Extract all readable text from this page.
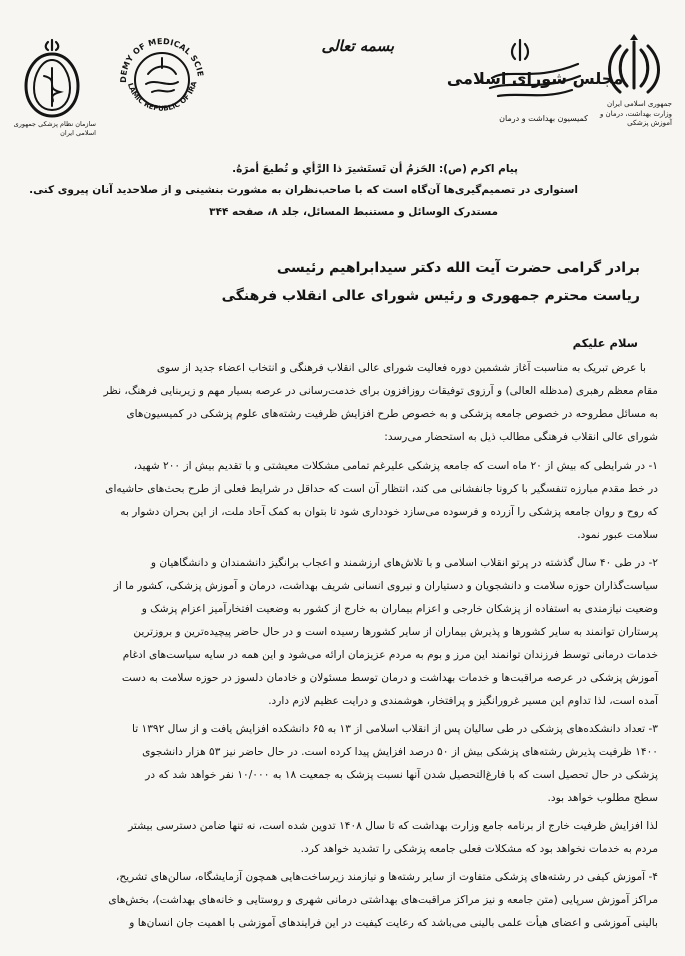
جمهوری اسلامی ایران
وزارت بهداشت، درمان و آموزش پزشکی
مجلس شورای اسلامی
کمیسیون بهداشت و درمان
بسمه تعالی
DEMY OF MEDICAL SCIE
LAMIC REPUBLIC OF IRA
سازمان نظام پزشکی جمهوری اسلامی ایران
پیام اکرم (ص): الحَزمُ أن تَستَشیرَ ذا الرَّأیِ و تُطیعَ أمرَهُ.
استواری در تصمیم‌گیری‌ها آن‌گاه است که با صاحب‌نظران به مشورت بنشینی و از صلاحدید آنان پیروی کنی.
مستدرک الوسائل و مستنبط المسائل، جلد ۸، صفحه ۳۴۴
برادر گرامی حضرت آیت الله دکتر سیدابراهیم رئیسی
ریاست محترم جمهوری و رئیس شورای عالی انقلاب فرهنگی
سلام علیکم
با عرض تبریک به مناسبت آغاز ششمین دوره فعالیت شورای عالی انقلاب فرهنگی و انتخاب اعضاء جدید از سوی
مقام معظم رهبری (مدظله العالی) و آرزوی توفیقات روزافزون برای خدمت‌رسانی در عرصه بسیار مهم و زیربنایی فرهنگ، نظر
به مسائل مطروحه در خصوص جامعه پزشکی و به خصوص طرح افزایش ظرفیت رشته‌های علوم پزشکی در کمیسیون‌های
شورای عالی انقلاب فرهنگی مطالب ذیل به استحضار می‌رسد:
۱- در شرایطی که بیش از ۲۰ ماه است که جامعه پزشکی علیرغم تمامی مشکلات معیشتی و با تقدیم بیش از ۲۰۰ شهید،
در خط مقدم مبارزه تنفسگیر با کرونا جانفشانی می کند، انتظار آن است که حداقل در شرایط فعلی از طرح بحث‌های حاشیه‌ای
که روح و روان جامعه پزشکی را آزرده و فرسوده می‌سازد خودداری شود تا بتوان به کمک آحاد ملت، از این بحران دشوار به
سلامت عبور نمود.
۲- در طی ۴۰ سال گذشته در پرتو انقلاب اسلامی و با تلاش‌های ارزشمند و اعجاب برانگیز دانشمندان و دانشگاهیان و
سیاست‌گذاران حوزه سلامت و دانشجویان و دستیاران و نیروی انسانی شریف بهداشت، درمان و آموزش پزشکی، کشور ما از
وضعیت نیازمندی به استفاده از پزشکان خارجی و اعزام بیماران به خارج از کشور به وضعیت افتخارآمیز اعزام پزشک و
پرستاران توانمند به سایر کشورها و پذیرش بیماران از سایر کشورها رسیده است و در حال حاضر پیچیده‌ترین و بروزترین
خدمات درمانی توسط فرزندان توانمند این مرز و بوم به مردم عزیزمان ارائه می‌شود و این همه در سایه سیاست‌های ادغام
آموزش پزشکی در عرصه مراقبت‌ها و خدمات بهداشت و درمان توسط مسئولان و خادمان دلسوز در حوزه سلامت به دست
آمده است، لذا تداوم این مسیر غرورانگیز و پرافتخار، هوشمندی و درایت عظیم لازم دارد.
۳- تعداد دانشکده‌های پزشکی در طی سالیان پس از انقلاب اسلامی از ۱۳ به ۶۵ دانشکده افزایش یافت و از سال ۱۳۹۲ تا
۱۴۰۰ ظرفیت پذیرش رشته‌های پزشکی بیش از ۵۰ درصد افزایش پیدا کرده است. در حال حاضر نیز ۵۳ هزار دانشجوی
پزشکی در حال تحصیل است که با فارغ‌التحصیل شدن آنها نسبت پزشک به جمعیت ۱۸ به ۱۰/۰۰۰ نفر خواهد شد که در
سطح مطلوب خواهد بود.
لذا افزایش ظرفیت خارج از برنامه جامع وزارت بهداشت که تا سال ۱۴۰۸ تدوین شده است، نه تنها ضامن دسترسی بیشتر
مردم به خدمات نخواهد بود که مشکلات فعلی جامعه پزشکی را تشدید خواهد کرد.
۴- آموزش کیفی در رشته‌های پزشکی متفاوت از سایر رشته‌ها و نیازمند زیرساخت‌هایی همچون آزمایشگاه، سالن‌های تشریح،
مراکز آموزش سرپایی (متن جامعه و نیز مراکز مراقبت‌های بهداشتی درمانی شهری و روستایی و خانه‌های بهداشت)، بخش‌های
بالینی آموزشی و اعضای هیأت علمی بالینی می‌باشد که رعایت کیفیت در این فرایندهای آموزشی با اهمیت جان انسان‌ها و
